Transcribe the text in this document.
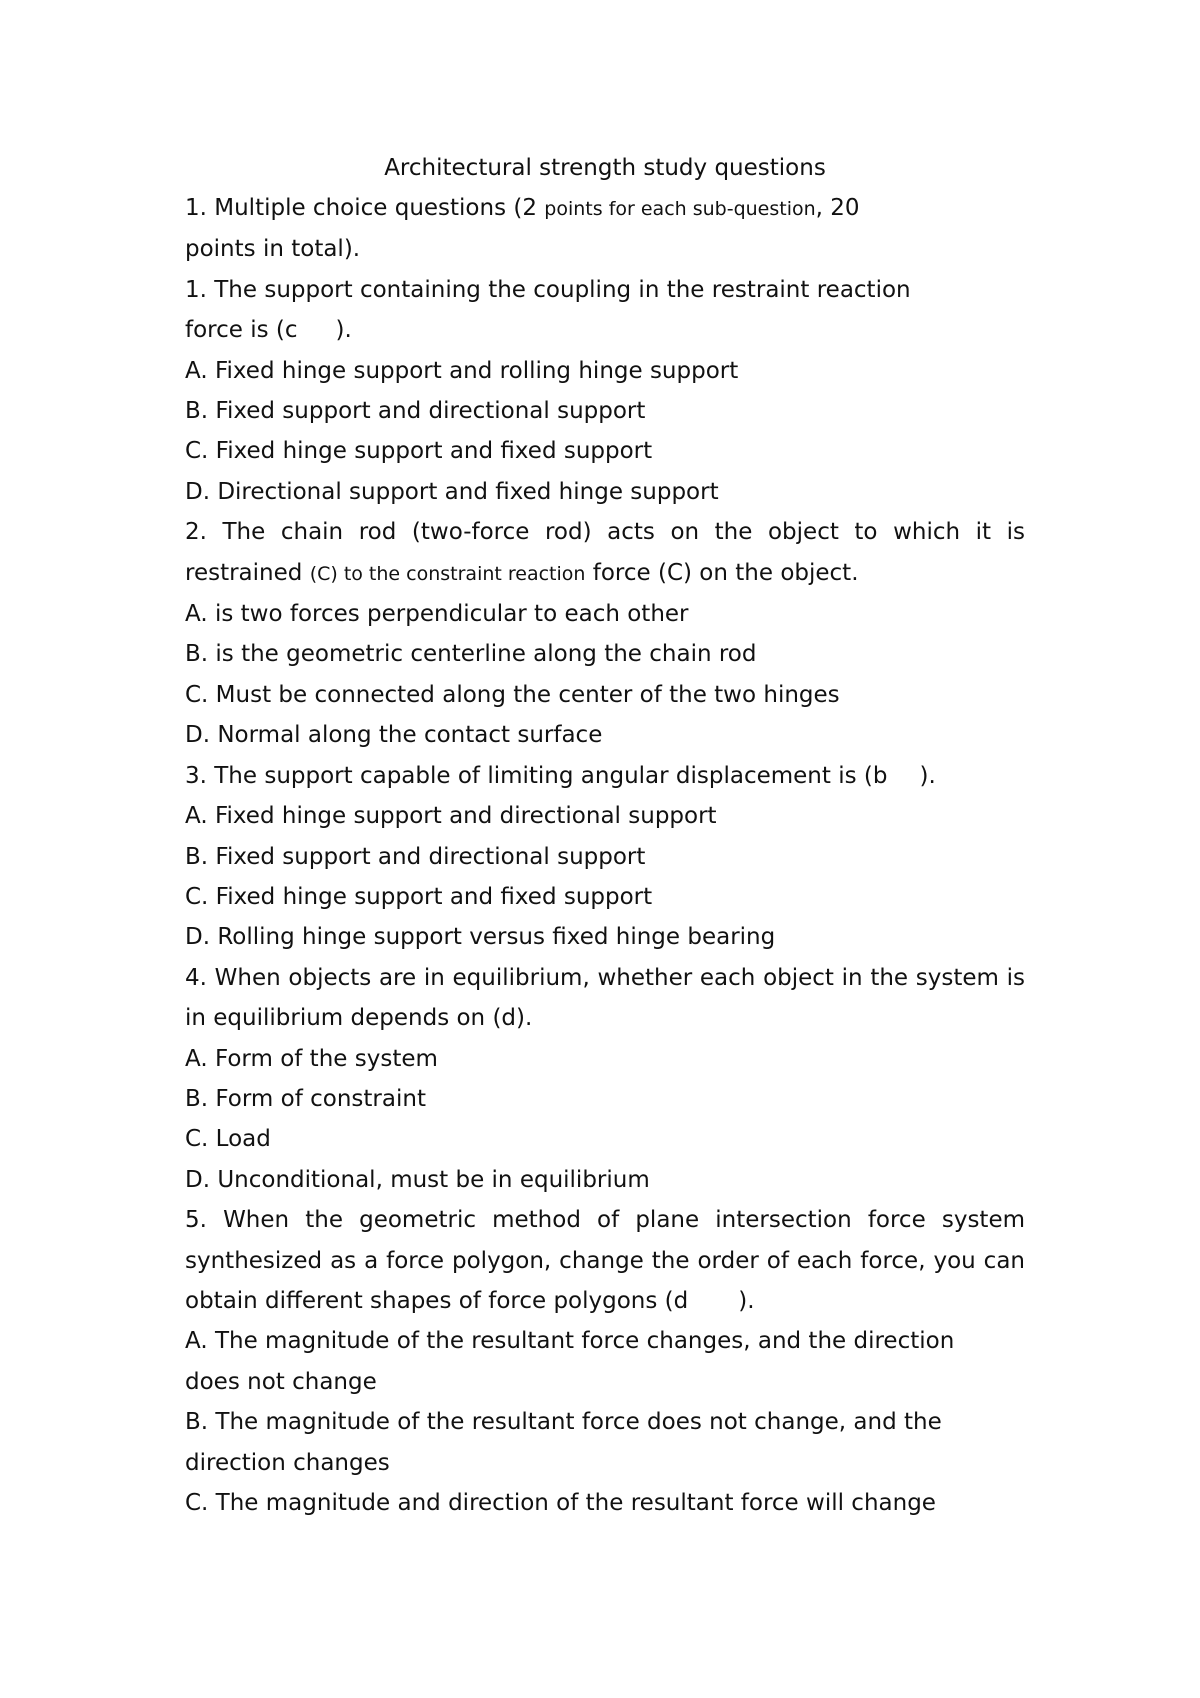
Architectural strength study questions

1. Multiple choice questions (2 points for each sub-question, 20 points in total).

1. The support containing the coupling in the restraint reaction force is (c ).

A. Fixed hinge support and rolling hinge support

B. Fixed support and directional support

C. Fixed hinge support and fixed support

D. Directional support and fixed hinge support

2. The chain rod (two-force rod) acts on the object to which it is restrained (C) to the constraint reaction force (C) on the object.

A. is two forces perpendicular to each other

B. is the geometric centerline along the chain rod

C. Must be connected along the center of the two hinges

D. Normal along the contact surface

3. The support capable of limiting angular displacement is (b ).

A. Fixed hinge support and directional support

B. Fixed support and directional support

C. Fixed hinge support and fixed support

D. Rolling hinge support versus fixed hinge bearing

4. When objects are in equilibrium, whether each object in the system is in equilibrium depends on (d).

A. Form of the system

B. Form of constraint

C. Load

D. Unconditional, must be in equilibrium

5. When the geometric method of plane intersection force system synthesized as a force polygon, change the order of each force, you can obtain different shapes of force polygons (d ).

A. The magnitude of the resultant force changes, and the direction does not change

B. The magnitude of the resultant force does not change, and the direction changes

C. The magnitude and direction of the resultant force will change
